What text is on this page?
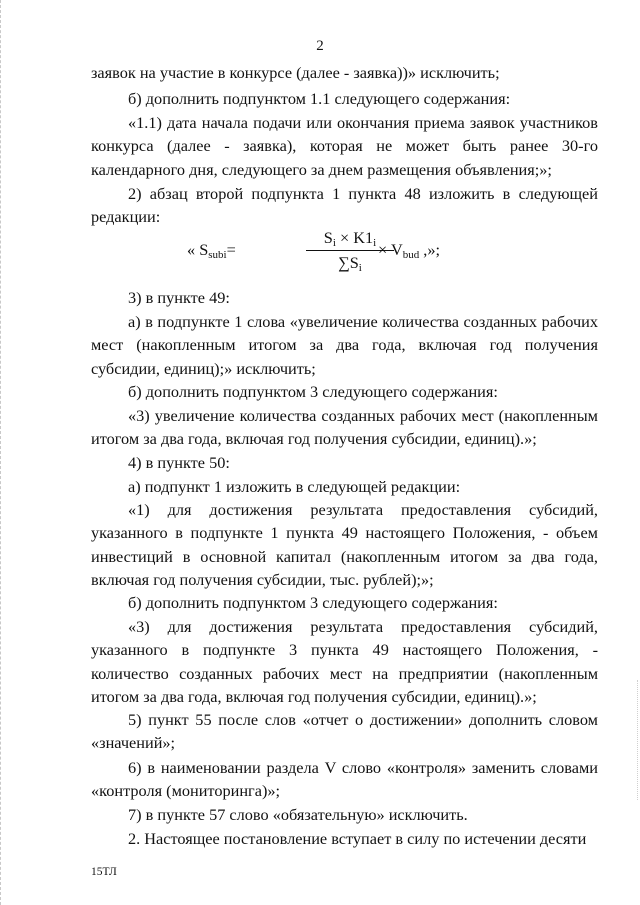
2

заявок на участие в конкурсе (далее - заявка))» исключить;

б) дополнить подпунктом 1.1 следующего содержания:

«1.1) дата начала подачи или окончания приема заявок участников конкурса (далее - заявка), которая не может быть ранее 30-го календарного дня, следующего за днем размещения объявления;»;

2) абзац второй подпункта 1 пункта 48 изложить в следующей редакции:

« $S_{subi}=$
$S_i \times K1_i$
$\sum S_i$
× $V_{bud}$ ,»;

3) в пункте 49:

а) в подпункте 1 слова «увеличение количества созданных рабочих мест (накопленным итогом за два года, включая год получения субсидии, единиц);» исключить;

б) дополнить подпунктом 3 следующего содержания:

«3) увеличение количества созданных рабочих мест (накопленным итогом за два года, включая год получения субсидии, единиц).»;

4) в пункте 50:

а) подпункт 1 изложить в следующей редакции:

«1) для достижения результата предоставления субсидий, указанного в подпункте 1 пункта 49 настоящего Положения, - объем инвестиций в основной капитал (накопленным итогом за два года, включая год получения субсидии, тыс. рублей);»;

б) дополнить подпунктом 3 следующего содержания:

«3) для достижения результата предоставления субсидий, указанного в подпункте 3 пункта 49 настоящего Положения, - количество созданных рабочих мест на предприятии (накопленным итогом за два года, включая год получения субсидии, единиц).»;

5) пункт 55 после слов «отчет о достижении» дополнить словом «значений»;

6) в наименовании раздела V слово «контроля» заменить словами «контроля (мониторинга)»;

7) в пункте 57 слово «обязательную» исключить.

2. Настоящее постановление вступает в силу по истечении десяти

15ТЛ
